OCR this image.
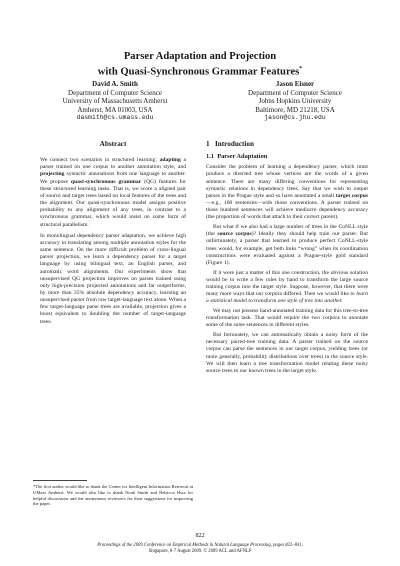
Parser Adaptation and Projection
with Quasi-Synchronous Grammar Features*
David A. Smith
Department of Computer Science
University of Massachusetts Amherst
Amherst, MA 01003, USA
dasmith@cs.umass.edu
Jason Eisner
Department of Computer Science
Johns Hopkins University
Baltimore, MD 21218, USA
jason@cs.jhu.edu
Abstract

We connect two scenarios in structured learning: adapting a parser trained on one corpus to another annotation style, and projecting syntactic annotations from one language to another. We propose quasi-synchronous grammar (QG) features for these structured learning tasks. That is, we score a aligned pair of source and target trees based on local features of the trees and the alignment. Our quasi-synchronous model assigns positive probability to any alignment of any trees, in contrast to a synchronous grammar, which would insist on some form of structural parallelism.

In monolingual dependency parser adaptation, we achieve high accuracy in translating among multiple annotation styles for the same sentence. On the more difficult problem of cross-lingual parser projection, we learn a dependency parser for a target language by using bilingual text, an English parser, and automatic word alignments. Our experiments show that unsupervised QG projection improves on parses trained using only high-precision projected annotations and far outperforms, by more than 35% absolute dependency accuracy, learning an unsupervised parser from raw target-language text alone. When a few target-language parse trees are available, projection gives a boost equivalent to doubling the number of target-language trees.

*The first author would like to thank the Center for Intelligent Information Retrieval at UMass Amherst. We would also like to thank Noah Smith and Rebecca Hwa for helpful discussions and the anonymous reviewers for their suggestions for improving the paper.
1 Introduction
1.1 Parser Adaptation

Consider the problem of learning a dependency parser, which must produce a directed tree whose vertices are the words of a given sentence. There are many differing conventions for representing syntactic relations in dependency trees. Say that we wish to output parses in the Prague style and so have annotated a small target corpus—e.g., 100 sentences—with those conventions. A parser trained on those hundred sentences will achieve mediocre dependency accuracy (the proportion of words that attach to their correct parent).

But what if we also had a large number of trees in the CoNLL style (the source corpus)? Ideally they should help train our parser. But unfortunately, a parser that learned to produce perfect CoNLL-style trees would, for example, get both links “wrong” when its coordination constructions were evaluated against a Prague-style gold standard (Figure 1).

If it were just a matter of this one construction, the obvious solution would be to write a few rules by hand to transform the large source training corpus into the target style. Suppose, however, that there were many more ways that our corpora differed. Then we would like to learn a statistical model to transform one style of tree into another.

We may not possess hand-annotated training data for this tree-to-tree transformation task. That would require the two corpora to annotate some of the same sentences in different styles.

But fortunately, we can automatically obtain a noisy form of the necessary paired-tree training data. A parser trained on the source corpus can parse the sentences in our target corpus, yielding trees (or more generally, probability distributions over trees) in the source style. We will then learn a tree transformation model relating these noisy source trees to our known trees in the target style.

822
Proceedings of the 2009 Conference on Empirical Methods in Natural Language Processing, pages 822–831,
Singapore, 6-7 August 2009. © 2009 ACL and AFNLP
